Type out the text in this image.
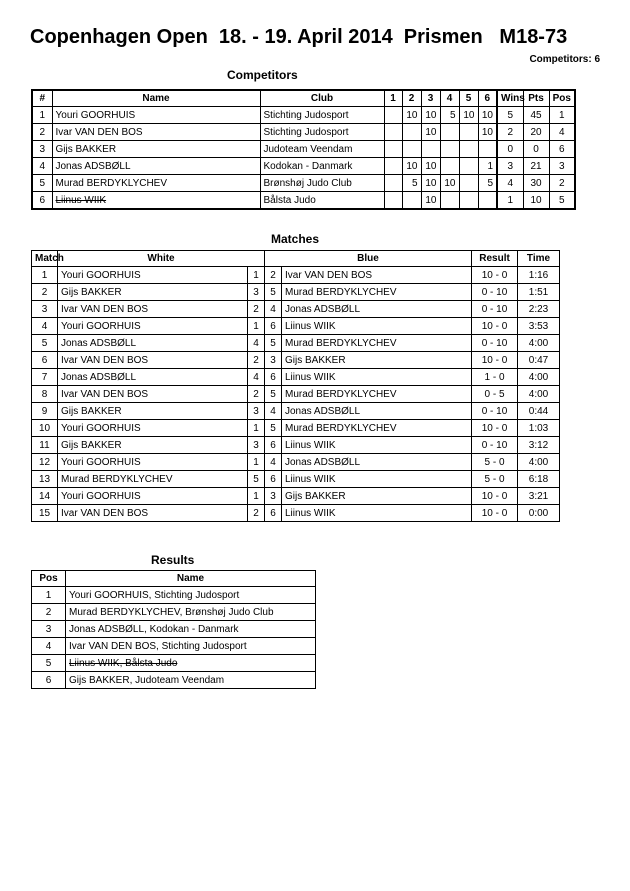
Copenhagen Open  18. - 19. April 2014  Prismen   M18-73
Competitors: 6
Competitors
#	Name	Club	1	2	3	4	5	6	Wins	Pts	Pos
1	Youri GOORHUIS	Stichting Judosport		10	10	5	10	10	5	45	1
2	Ivar VAN DEN BOS	Stichting Judosport			10			10	2	20	4
3	Gijs BAKKER	Judoteam Veendam							0	0	6
4	Jonas ADSBØLL	Kodokan - Danmark		10	10			1	3	21	3
5	Murad BERDYKLYCHEV	Brønshøj Judo Club		5	10	10		5	4	30	2
6	Liinus WIIK	Bålsta Judo			10				1	10	5
Matches
Match	White		Blue		Result	Time
1	Youri GOORHUIS	1	2	Ivar VAN DEN BOS	10 - 0	1:16
2	Gijs BAKKER	3	5	Murad BERDYKLYCHEV	0 - 10	1:51
3	Ivar VAN DEN BOS	2	4	Jonas ADSBØLL	0 - 10	2:23
4	Youri GOORHUIS	1	6	Liinus WIIK	10 - 0	3:53
5	Jonas ADSBØLL	4	5	Murad BERDYKLYCHEV	0 - 10	4:00
6	Ivar VAN DEN BOS	2	3	Gijs BAKKER	10 - 0	0:47
7	Jonas ADSBØLL	4	6	Liinus WIIK	1 - 0	4:00
8	Ivar VAN DEN BOS	2	5	Murad BERDYKLYCHEV	0 - 5	4:00
9	Gijs BAKKER	3	4	Jonas ADSBØLL	0 - 10	0:44
10	Youri GOORHUIS	1	5	Murad BERDYKLYCHEV	10 - 0	1:03
11	Gijs BAKKER	3	6	Liinus WIIK	0 - 10	3:12
12	Youri GOORHUIS	1	4	Jonas ADSBØLL	5 - 0	4:00
13	Murad BERDYKLYCHEV	5	6	Liinus WIIK	5 - 0	6:18
14	Youri GOORHUIS	1	3	Gijs BAKKER	10 - 0	3:21
15	Ivar VAN DEN BOS	2	6	Liinus WIIK	10 - 0	0:00
Results
Pos	Name
1	Youri GOORHUIS, Stichting Judosport
2	Murad BERDYKLYCHEV, Brønshøj Judo Club
3	Jonas ADSBØLL, Kodokan - Danmark
4	Ivar VAN DEN BOS, Stichting Judosport
5	Liinus WIIK, Bålsta Judo
6	Gijs BAKKER, Judoteam Veendam
